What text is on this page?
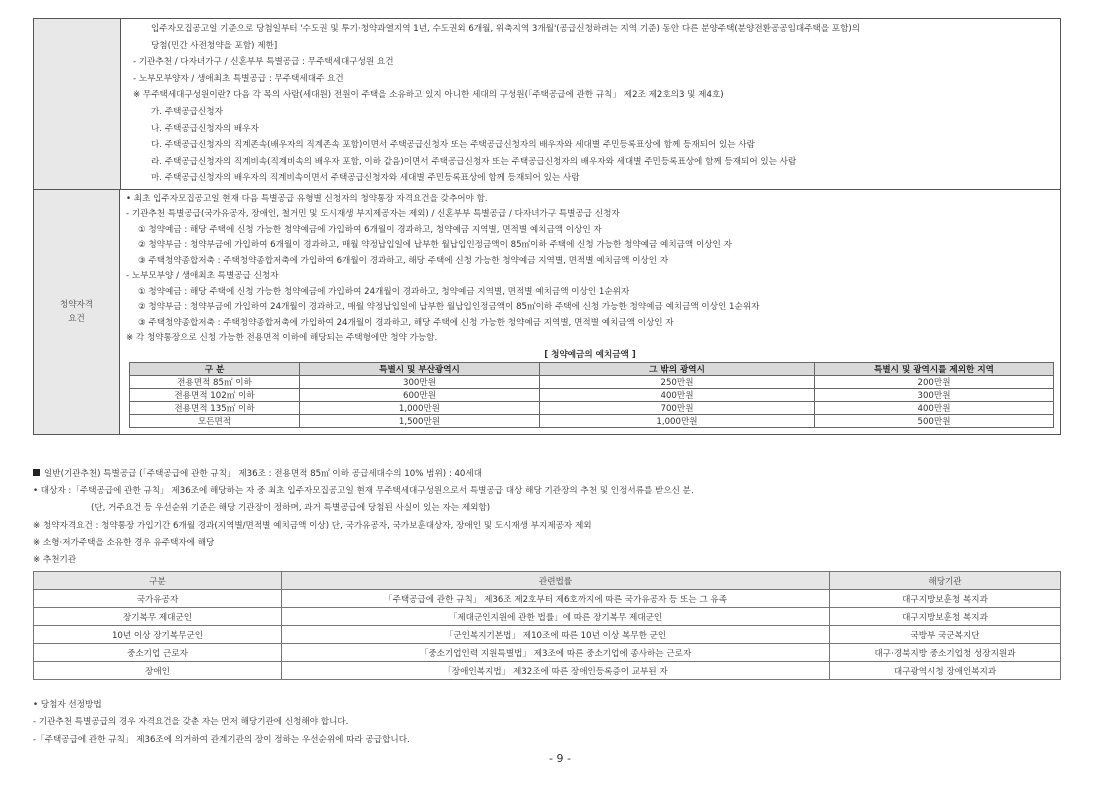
입주자모집공고일 기준으로 당첨일부터 '수도권 및 투기·청약과열지역 1년, 수도권외 6개월, 위축지역 3개월'(공급신청하려는 지역 기준) 동안 다른 분양주택(분양전환공공임대주택을 포함)의
당첨(민간 사전청약을 포함) 제한]
- 기관추천 / 다자녀가구 / 신혼부부 특별공급 : 무주택세대구성원 요건
- 노부모부양자 / 생애최초 특별공급 : 무주택세대주 요건
※ 무주택세대구성원이란? 다음 각 목의 사람(세대원) 전원이 주택을 소유하고 있지 아니한 세대의 구성원(「주택공급에 관한 규칙」 제2조 제2호의3 및 제4호)
가. 주택공급신청자
나. 주택공급신청자의 배우자
다. 주택공급신청자의 직계존속(배우자의 직계존속 포함)이면서 주택공급신청자 또는 주택공급신청자의 배우자와 세대별 주민등록표상에 함께 등재되어 있는 사람
라. 주택공급신청자의 직계비속(직계비속의 배우자 포함, 이하 같음)이면서 주택공급신청자 또는 주택공급신청자의 배우자와 세대별 주민등록표상에 함께 등재되어 있는 사람
마. 주택공급신청자의 배우자의 직계비속이면서 주택공급신청자와 세대별 주민등록표상에 함께 등재되어 있는 사람
청약자격
요건
• 최초 입주자모집공고일 현재 다음 특별공급 유형별 신청자의 청약통장 자격요건을 갖추어야 함.
- 기관추천 특별공급(국가유공자, 장애인, 철거민 및 도시재생 부지제공자는 제외) / 신혼부부 특별공급 / 다자녀가구 특별공급 신청자
① 청약예금 : 해당 주택에 신청 가능한 청약예금에 가입하여 6개월이 경과하고, 청약예금 지역별, 면적별 예치금액 이상인 자
② 청약부금 : 청약부금에 가입하여 6개월이 경과하고, 매월 약정납입일에 납부한 월납입인정금액이 85㎡이하 주택에 신청 가능한 청약예금 예치금액 이상인 자
③ 주택청약종합저축 : 주택청약종합저축에 가입하여 6개월이 경과하고, 해당 주택에 신청 가능한 청약예금 지역별, 면적별 예치금액 이상인 자
- 노부모부양 / 생애최초 특별공급 신청자
① 청약예금 : 해당 주택에 신청 가능한 청약예금에 가입하여 24개월이 경과하고, 청약예금 지역별, 면적별 예치금액 이상인 1순위자
② 청약부금 : 청약부금에 가입하여 24개월이 경과하고, 매월 약정납입일에 납부한 월납입인정금액이 85㎡이하 주택에 신청 가능한 청약예금 예치금액 이상인 1순위자
③ 주택청약종합저축 : 주택청약종합저축에 가입하여 24개월이 경과하고, 해당 주택에 신청 가능한 청약예금 지역별, 면적별 예치금액 이상인 자
※ 각 청약통장으로 신청 가능한 전용면적 이하에 해당되는 주택형에만 청약 가능함.
[ 청약예금의 예치금액 ]
구 분	특별시 및 부산광역시	그 밖의 광역시	특별시 및 광역시를 제외한 지역
전용면적 85㎡ 이하	300만원	250만원	200만원
전용면적 102㎡ 이하	600만원	400만원	300만원
전용면적 135㎡ 이하	1,000만원	700만원	400만원
모든면적	1,500만원	1,000만원	500만원
일반(기관추천) 특별공급 (「주택공급에 관한 규칙」 제36조 : 전용면적 85㎡ 이하 공급세대수의 10% 범위) : 40세대
• 대상자 :「주택공급에 관한 규칙」 제36조에 해당하는 자 중 최초 입주자모집공고일 현재 무주택세대구성원으로서 특별공급 대상 해당 기관장의 추천 및 인정서류를 받으신 분.
(단, 거주요건 등 우선순위 기준은 해당 기관장이 정하며, 과거 특별공급에 당첨된 사실이 있는 자는 제외함)
※ 청약자격요건 : 청약통장 가입기간 6개월 경과(지역별/면적별 예치금액 이상) 단, 국가유공자, 국가보훈대상자, 장애인 및 도시재생 부지제공자 제외
※ 소형·저가주택을 소유한 경우 유주택자에 해당
※ 추천기관
구분	관련법률	해당기관
국가유공자	「주택공급에 관한 규칙」 제36조 제2호부터 제6호까지에 따른 국가유공자 등 또는 그 유족	대구지방보훈청 복지과
장기복무 제대군인	「제대군인지원에 관한 법률」에 따른 장기복무 제대군인	대구지방보훈청 복지과
10년 이상 장기복무군인	「군인복지기본법」 제10조에 따른 10년 이상 복무한 군인	국방부 국군복지단
중소기업 근로자	「중소기업인력 지원특별법」 제3조에 따른 중소기업에 종사하는 근로자	대구·경북지방 중소기업청 성장지원과
장애인	「장애인복지법」 제32조에 따른 장애인등록증이 교부된 자	대구광역시청 장애인복지과
• 당첨자 선정방법
- 기관추천 특별공급의 경우 자격요건을 갖춘 자는 먼저 해당기관에 신청해야 합니다.
-「주택공급에 관한 규칙」 제36조에 의거하여 관계기관의 장이 정하는 우선순위에 따라 공급합니다.
- 9 -
